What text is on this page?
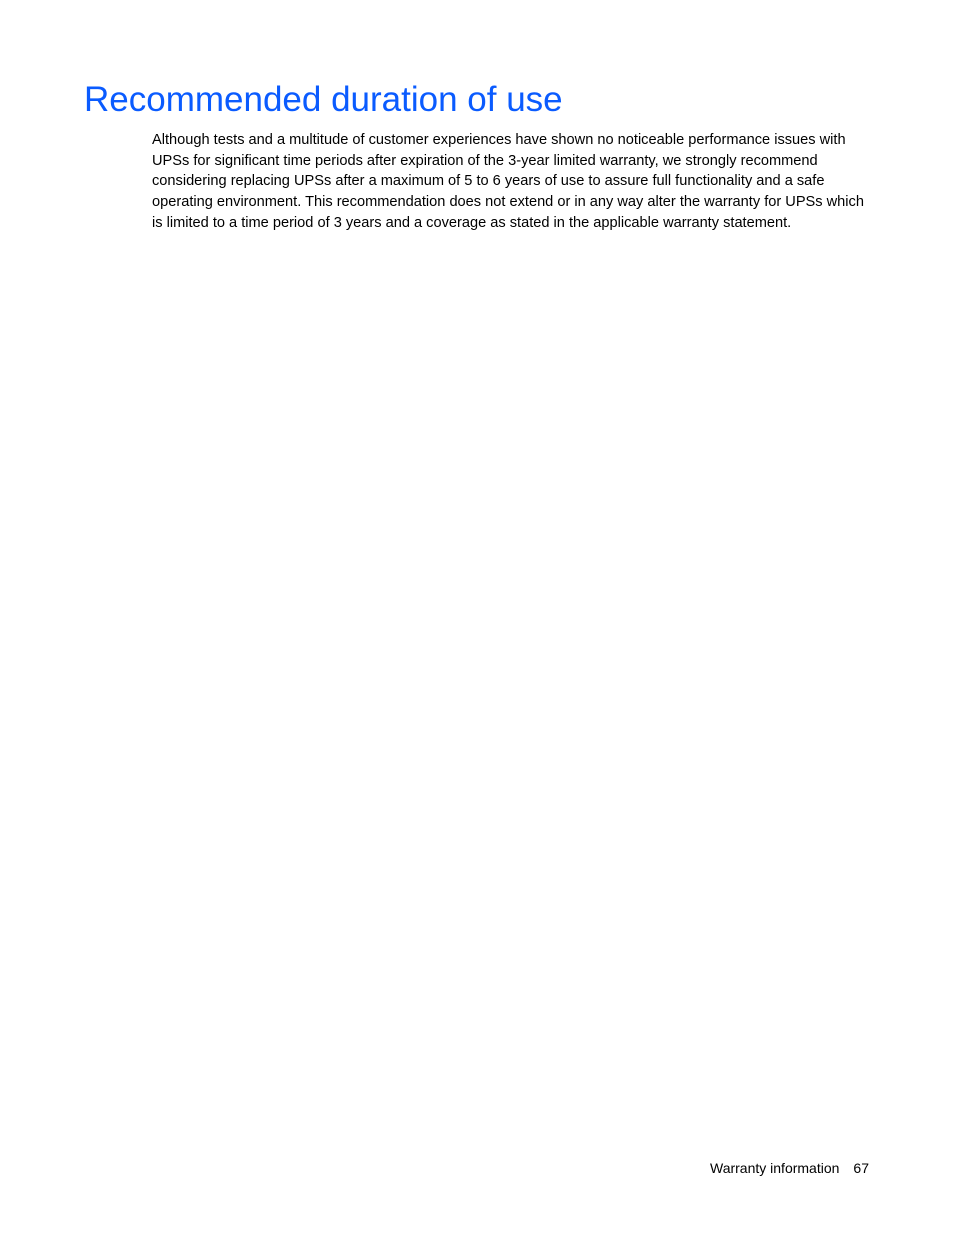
Recommended duration of use

Although tests and a multitude of customer experiences have shown no noticeable performance issues with UPSs for significant time periods after expiration of the 3-year limited warranty, we strongly recommend considering replacing UPSs after a maximum of 5 to 6 years of use to assure full functionality and a safe operating environment. This recommendation does not extend or in any way alter the warranty for UPSs which is limited to a time period of 3 years and a coverage as stated in the applicable warranty statement.

Warranty information 67
